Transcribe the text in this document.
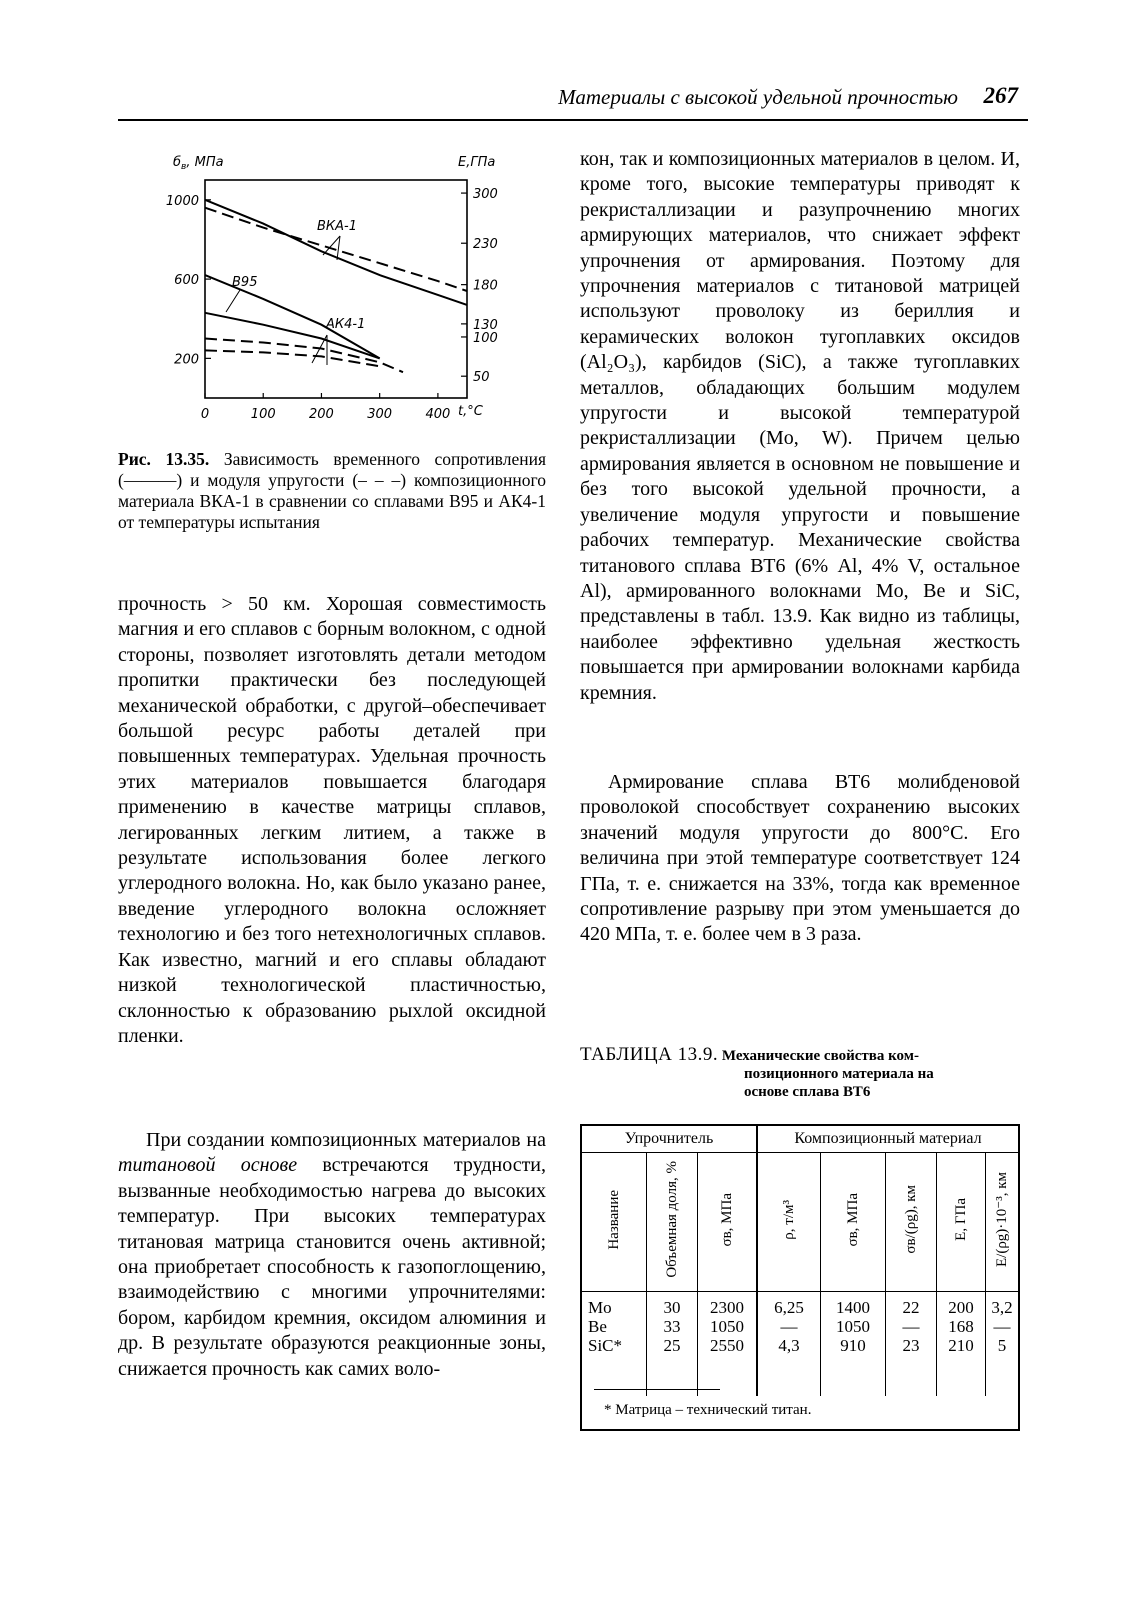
Материалы с высокой удельной прочностью 267
$б_в$, МПа	E,ГПа
t,°C
0	100	200	300	400
1000
600
200
300
230
180
130
100
50
ВКА-1
В95
АК4-1
Рис. 13.35. Зависимость временного сопротивления (———) и модуля упругости (– – –) композиционного материала ВКА-1 в сравнении со сплавами В95 и АК4-1 от температуры испытания

прочность > 50 км. Хорошая совместимость магния и его сплавов с борным волокном, с одной стороны, позволяет изготовлять детали методом пропитки практически без последующей механической обработки, с другой–обеспечивает большой ресурс работы деталей при повышенных температурах. Удельная прочность этих материалов повышается благодаря применению в качестве матрицы сплавов, легированных легким литием, а также в результате использования более легкого углеродного волокна. Но, как было указано ранее, введение углеродного волокна осложняет технологию и без того нетехнологичных сплавов. Как известно, магний и его сплавы обладают низкой технологической пластичностью, склонностью к образованию рыхлой оксидной пленки.

При создании композиционных материалов на титановой основе встречаются трудности, вызванные необходимостью нагрева до высоких температур. При высоких температурах титановая матрица становится очень активной; она приобретает способность к газопоглощению, взаимодействию с многими упрочнителями: бором, карбидом кремния, оксидом алюминия и др. В результате образуются реакционные зоны, снижается прочность как самих воло-

кон, так и композиционных материалов в целом. И, кроме того, высокие температуры приводят к рекристаллизации и разупрочнению многих армирующих материалов, что снижает эффект упрочнения от армирования. Поэтому для упрочнения материалов с титановой матрицей используют проволоку из бериллия и керамических волокон тугоплавких оксидов (Al₂O₃), карбидов (SiC), а также тугоплавких металлов, обладающих большим модулем упругости и высокой температурой рекристаллизации (Mo, W). Причем целью армирования является в основном не повышение и без того высокой удельной прочности, а увеличение модуля упругости и повышение рабочих температур. Механические свойства титанового сплава ВТ6 (6% Al, 4% V, остальное Al), армированного волокнами Mo, Be и SiC, представлены в табл. 13.9. Как видно из таблицы, наиболее эффективно удельная жесткость повышается при армировании волокнами карбида кремния.

Армирование сплава ВТ6 молибденовой проволокой способствует сохранению высоких значений модуля упругости до 800°С. Его величина при этой температуре соответствует 124 ГПа, т. е. снижается на 33%, тогда как временное сопротивление разрыву при этом уменьшается до 420 МПа, т. е. более чем в 3 раза.

ТАБЛИЦА 13.9. Механические свойства ком-
позиционного материала на
основе сплава ВТ6
Упрочнитель			Композиционный материал				
Название	Объемная доля, %	σв, МПа	ρ, т/м³	σв, МПа	σв/(ρg), км	E, ГПа	E/(ρg)·10⁻³, км
Mo	30	2300	6,25	1400	22	200	3,2
Be	33	1050	—	1050	—	168	—
SiC*	25	2550	4,3	910	23	210	5
* Матрица – технический титан.
